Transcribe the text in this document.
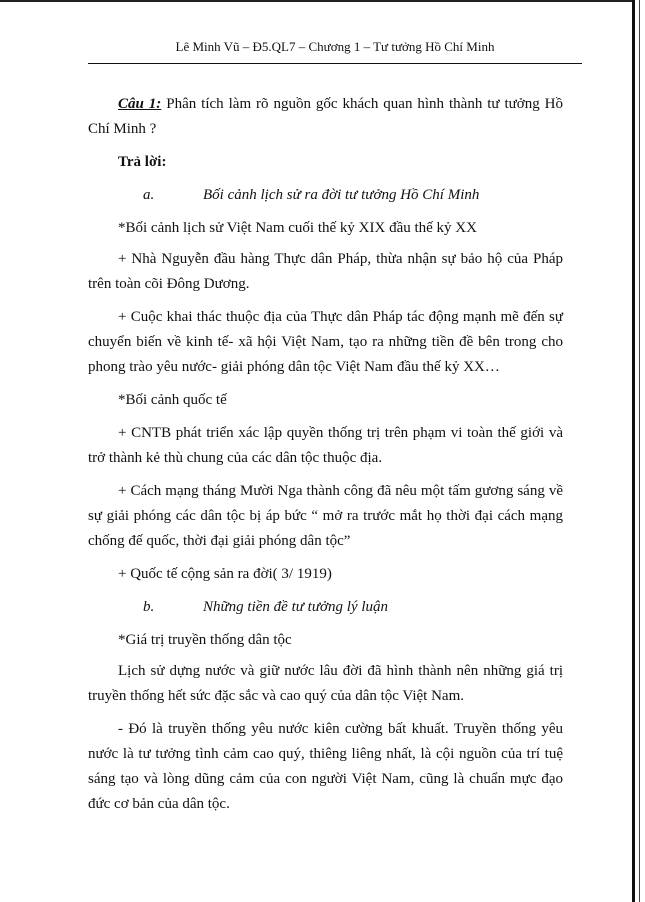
Lê Minh Vũ – Đ5.QL7 – Chương 1 – Tư tưởng Hồ Chí Minh

Câu 1: Phân tích làm rõ nguồn gốc khách quan hình thành tư tưởng Hồ Chí Minh ?

Trả lời:

a.	Bối cảnh lịch sử ra đời tư tưởng Hồ Chí Minh

*Bối cảnh lịch sử Việt Nam cuối thế kỷ XIX đầu thế kỷ XX

+ Nhà Nguyễn đầu hàng Thực dân Pháp, thừa nhận sự bảo hộ của Pháp trên toàn cõi Đông Dương.

+ Cuộc khai thác thuộc địa của Thực dân Pháp tác động mạnh mẽ đến sự chuyển biến về kinh tế- xã hội Việt Nam, tạo ra những tiền đề bên trong cho phong trào yêu nước- giải phóng dân tộc Việt Nam đầu thế kỷ XX…

*Bối cảnh quốc tế

+ CNTB phát triển xác lập quyền thống trị trên phạm vi toàn thế giới và trở thành kẻ thù chung của các dân tộc thuộc địa.

+ Cách mạng tháng Mười Nga thành công đã nêu một tấm gương sáng về sự giải phóng các dân tộc bị áp bức “ mở ra trước mắt họ thời đại cách mạng chống đế quốc, thời đại giải phóng dân tộc”

+ Quốc tế cộng sản ra đời( 3/ 1919)

b.	Những tiền đề tư tưởng lý luận

*Giá trị truyền thống dân tộc

Lịch sử dựng nước và giữ nước lâu đời đã hình thành nên những giá trị truyền thống hết sức đặc sắc và cao quý của dân tộc Việt Nam.

- Đó là truyền thống yêu nước kiên cường bất khuất. Truyền thống yêu nước là tư tưởng tình cảm cao quý, thiêng liêng nhất, là cội nguồn của trí tuệ sáng tạo và lòng dũng cảm của con người Việt Nam, cũng là chuẩn mực đạo đức cơ bản của dân tộc.
